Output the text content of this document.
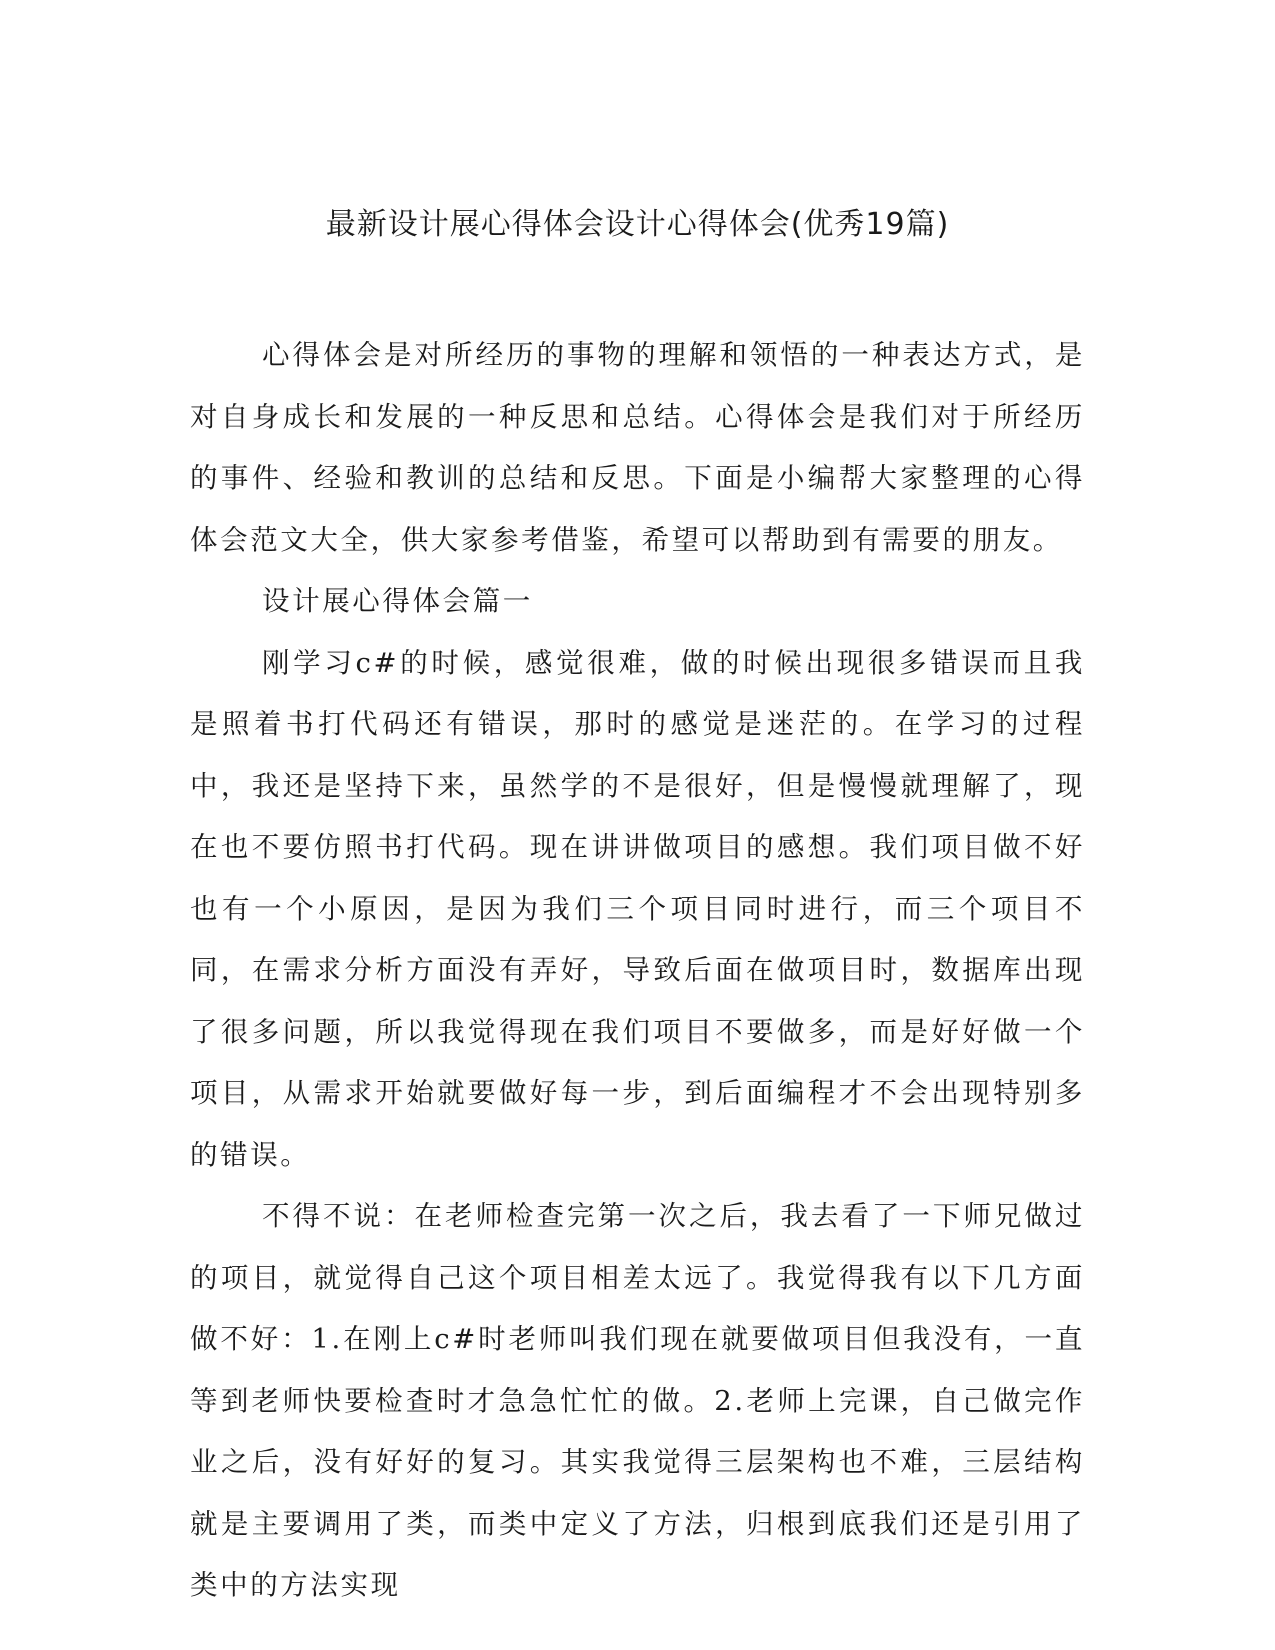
最新设计展心得体会设计心得体会(优秀19篇)

心得体会是对所经历的事物的理解和领悟的一种表达方式，是对自身成长和发展的一种反思和总结。心得体会是我们对于所经历的事件、经验和教训的总结和反思。下面是小编帮大家整理的心得体会范文大全，供大家参考借鉴，希望可以帮助到有需要的朋友。

设计展心得体会篇一

刚学习c#的时候，感觉很难，做的时候出现很多错误而且我是照着书打代码还有错误，那时的感觉是迷茫的。在学习的过程中，我还是坚持下来，虽然学的不是很好，但是慢慢就理解了，现在也不要仿照书打代码。现在讲讲做项目的感想。我们项目做不好也有一个小原因，是因为我们三个项目同时进行，而三个项目不同，在需求分析方面没有弄好，导致后面在做项目时，数据库出现了很多问题，所以我觉得现在我们项目不要做多，而是好好做一个项目，从需求开始就要做好每一步，到后面编程才不会出现特别多的错误。

不得不说：在老师检查完第一次之后，我去看了一下师兄做过的项目，就觉得自己这个项目相差太远了。我觉得我有以下几方面做不好：1.在刚上c#时老师叫我们现在就要做项目但我没有，一直等到老师快要检查时才急急忙忙的做。2.老师上完课，自己做完作业之后，没有好好的复习。其实我觉得三层架构也不难，三层结构就是主要调用了类，而类中定义了方法，归根到底我们还是引用了类中的方法实现
